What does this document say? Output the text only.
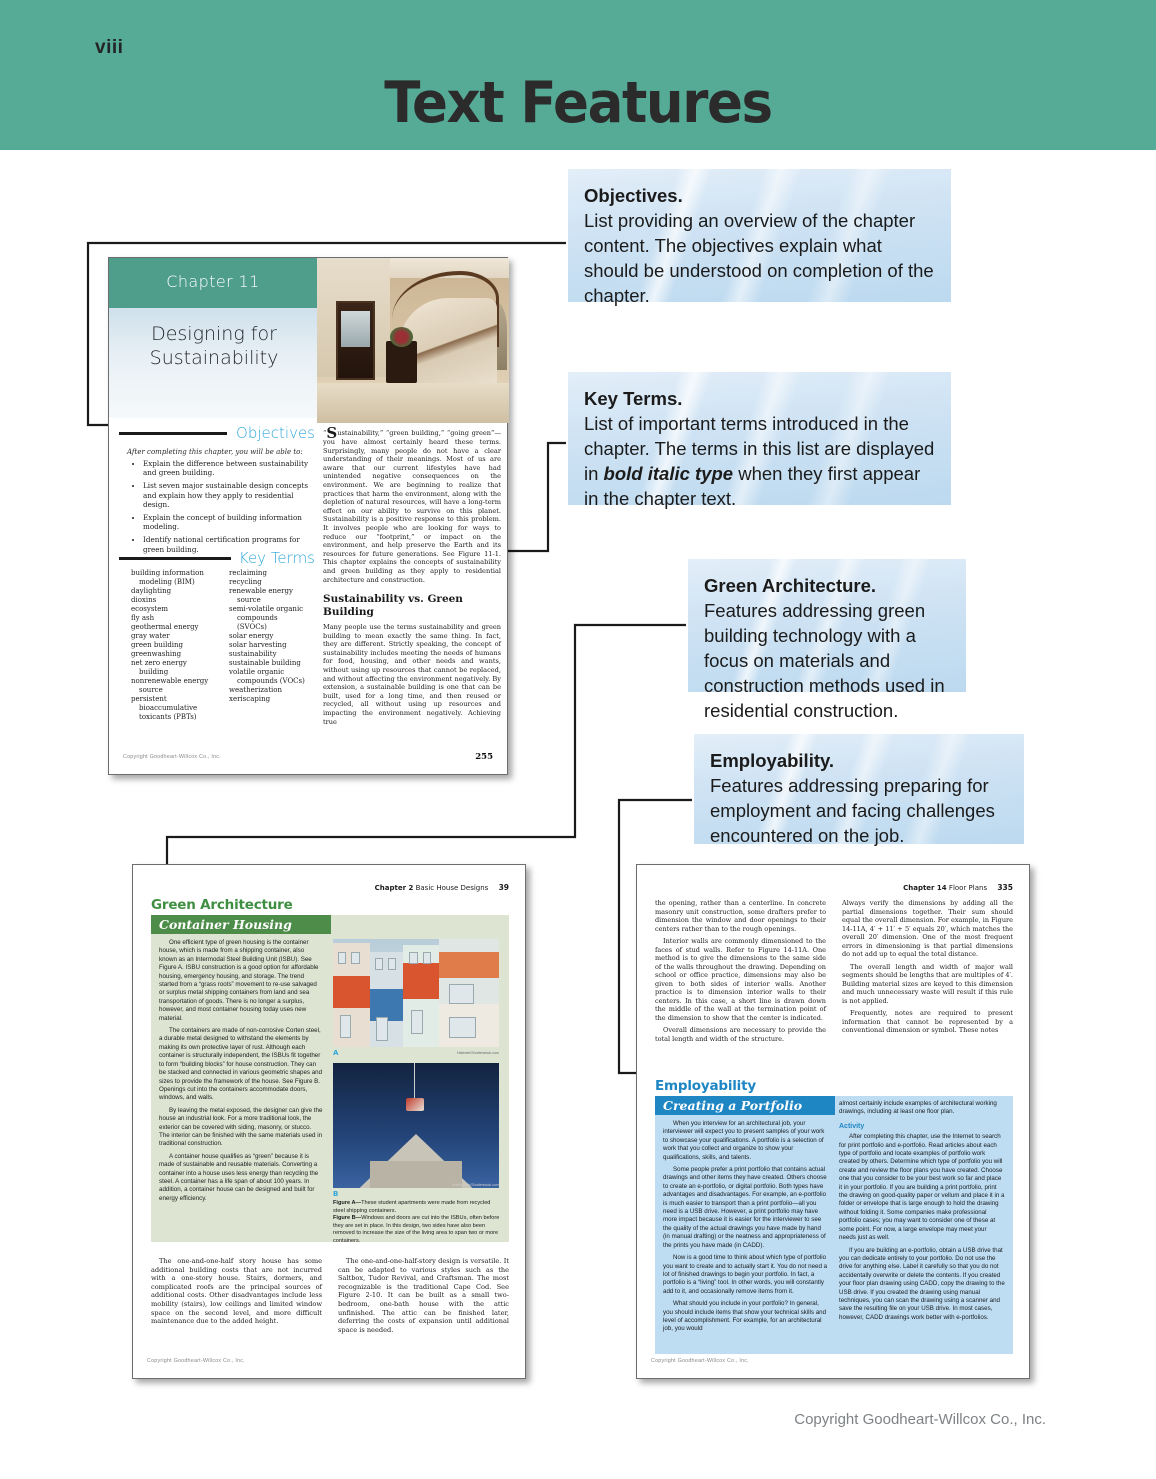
viii
Text Features
Objectives.
List providing an overview of the chapter content. The objectives explain what should be understood on completion of the chapter.
Key Terms.
List of important terms introduced in the chapter. The terms in this list are displayed in bold italic type when they first appear in the chapter text.
Green Architecture.
Features addressing green building technology with a focus on materials and construction methods used in residential construction.
Employability.
Features addressing preparing for employment and facing challenges encountered on the job.
Chapter 11
Designing for
Sustainability
Objectives
After completing this chapter, you will be able to:
• Explain the difference between sustainability and green building.
• List seven major sustainable design concepts and explain how they apply to residential design.
• Explain the concept of building information modeling.
• Identify national certification programs for green building.	Key Terms
building information
modeling (BIM)
daylighting
dioxins
ecosystem
fly ash
geothermal energy
gray water
green building
greenwashing
net zero energy
building
nonrenewable energy
source
persistent
bioaccumulative
toxicants (PBTs)
reclaiming
recycling
renewable energy
source
semi-volatile organic
compounds
(SVOCs)
solar energy
solar harvesting
sustainability
sustainable building
volatile organic
compounds (VOCs)
weatherization
xeriscaping

“Sustainability,” “green building,” “going green”—you have almost certainly heard these terms. Surprisingly, many people do not have a clear understanding of their meanings. Most of us are aware that our current lifestyles have had unintended negative consequences on the environment. We are beginning to realize that practices that harm the environment, along with the depletion of natural resources, will have a long-term effect on our ability to survive on this planet. Sustainability is a positive response to this problem. It involves people who are looking for ways to reduce our “footprint,” or impact on the environment, and help preserve the Earth and its resources for future generations. See Figure 11-1. This chapter explains the concepts of sustainability and green building as they apply to residential architecture and construction.

Sustainability vs. Green Building

Many people use the terms sustainability and green building to mean exactly the same thing. In fact, they are different. Strictly speaking, the concept of sustainability includes meeting the needs of humans for food, housing, and other needs and wants, without using up resources that cannot be replaced, and without affecting the environment negatively. By extension, a sustainable building is one that can be built, used for a long time, and then reused or recycled, all without using up resources and impacting the environment negatively. Achieving true

Copyright Goodheart-Willcox Co., Inc.	255
Chapter 2 Basic House Designs 39
Green Architecture
Container Housing

One efficient type of green housing is the container house, which is made from a shipping container, also known as an Intermodal Steel Building Unit (ISBU). See Figure A. ISBU construction is a good option for affordable housing, emergency housing, and storage. The trend started from a “grass roots” movement to re-use salvaged or surplus metal shipping containers from land and sea transportation of goods. There is no longer a surplus, however, and most container housing today uses new material.

The containers are made of non-corrosive Corten steel, a durable metal designed to withstand the elements by making its own protective layer of rust. Although each container is structurally independent, the ISBUs fit together to form “building blocks” for house construction. They can be stacked and connected in various geometric shapes and sizes to provide the framework of the house. See Figure B. Openings cut into the containers accommodate doors, windows, and walls.

By leaving the metal exposed, the designer can give the house an industrial look. For a more traditional look, the exterior can be covered with siding, masonry, or stucco. The interior can be finished with the same materials used in traditional construction.

A container house qualifies as “green” because it is made of sustainable and reusable materials. Converting a container into a house uses less energy than recycling the steel. A container has a life span of about 100 years. In addition, a container house can be designed and built for energy efficiency.

Halenek/Shutterstock.com
A
Martin Blok/Shutterstock.com
B
Figure A—These student apartments were made from recycled steel shipping containers.
Figure B—Windows and doors are cut into the ISBUs, often before they are set in place. In this design, two sides have also been removed to increase the size of the living area to span two or more containers.

The one-and-one-half story house has some additional building costs that are not incurred with a one-story house. Stairs, dormers, and complicated roofs are the principal sources of additional costs. Other disadvantages include less mobility (stairs), low ceilings and limited window space on the second level, and more difficult maintenance due to the added height.

The one-and-one-half-story design is versatile. It can be adapted to various styles such as the Saltbox, Tudor Revival, and Craftsman. The most recognizable is the traditional Cape Cod. See Figure 2-10. It can be built as a small two-bedroom, one-bath house with the attic unfinished. The attic can be finished later, deferring the costs of expansion until additional space is needed.

Copyright Goodheart-Willcox Co., Inc.
Chapter 14 Floor Plans 335

the opening, rather than a centerline. In concrete masonry unit construction, some drafters prefer to dimension the window and door openings to their centers rather than to the rough openings.

Interior walls are commonly dimensioned to the faces of stud walls. Refer to Figure 14-11A. One method is to give the dimensions to the same side of the walls throughout the drawing. Depending on school or office practice, dimensions may also be given to both sides of interior walls. Another practice is to dimension interior walls to their centers. In this case, a short line is drawn down the middle of the wall at the termination point of the dimension to show that the center is indicated.

Overall dimensions are necessary to provide the total length and width of the structure.

Always verify the dimensions by adding all the partial dimensions together. Their sum should equal the overall dimension. For example, in Figure 14-11A, 4′ + 11′ + 5′ equals 20′, which matches the overall 20′ dimension. One of the most frequent errors in dimensioning is that partial dimensions do not add up to equal the total distance.

The overall length and width of major wall segments should be lengths that are multiples of 4′. Building material sizes are keyed to this dimension and much unnecessary waste will result if this rule is not applied.

Frequently, notes are required to present information that cannot be represented by a conventional dimension or symbol. These notes

Employability
Creating a Portfolio

When you interview for an architectural job, your interviewer will expect you to present samples of your work to showcase your qualifications. A portfolio is a selection of work that you collect and organize to show your qualifications, skills, and talents.

Some people prefer a print portfolio that contains actual drawings and other items they have created. Others choose to create an e-portfolio, or digital portfolio. Both types have advantages and disadvantages. For example, an e-portfolio is much easier to transport than a print portfolio—all you need is a USB drive. However, a print portfolio may have more impact because it is easier for the interviewer to see the quality of the actual drawings you have made by hand (in manual drafting) or the neatness and appropriateness of the prints you have made (in CADD).

Now is a good time to think about which type of portfolio you want to create and to actually start it. You do not need a lot of finished drawings to begin your portfolio. In fact, a portfolio is a “living” tool. In other words, you will constantly add to it, and occasionally remove items from it.

What should you include in your portfolio? In general, you should include items that show your technical skills and level of accomplishment. For example, for an architectural job, you would

almost certainly include examples of architectural working drawings, including at least one floor plan.

Activity

After completing this chapter, use the Internet to search for print portfolio and e-portfolio. Read articles about each type of portfolio and locate examples of portfolio work created by others. Determine which type of portfolio you will create and review the floor plans you have created. Choose one that you consider to be your best work so far and place it in your portfolio. If you are building a print portfolio, print the drawing on good-quality paper or vellum and place it in a folder or envelope that is large enough to hold the drawing without folding it. Some companies make professional portfolio cases; you may want to consider one of these at some point. For now, a large envelope may meet your needs just as well.

If you are building an e-portfolio, obtain a USB drive that you can dedicate entirely to your portfolio. Do not use the drive for anything else. Label it carefully so that you do not accidentally overwrite or delete the contents. If you created your floor plan drawing using CADD, copy the drawing to the USB drive. If you created the drawing using manual techniques, you can scan the drawing using a scanner and save the resulting file on your USB drive. In most cases, however, CADD drawings work better with e-portfolios.

Copyright Goodheart-Willcox Co., Inc.
Copyright Goodheart-Willcox Co., Inc.
